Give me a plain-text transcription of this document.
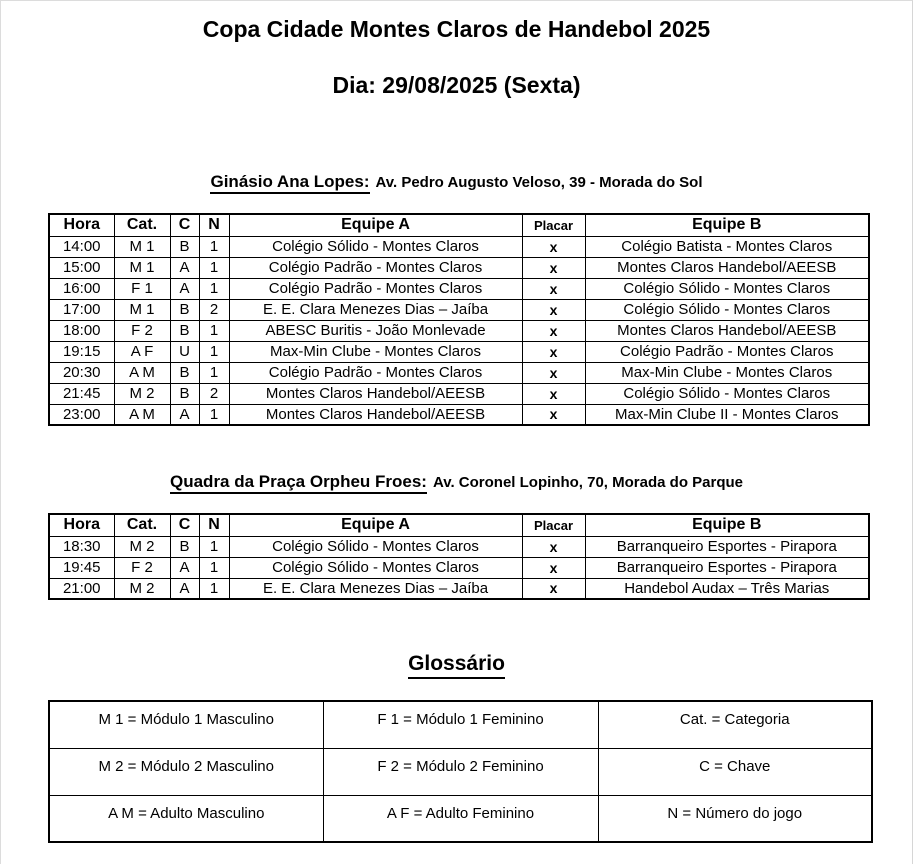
Copa Cidade Montes Claros de Handebol 2025
Dia: 29/08/2025 (Sexta)
Ginásio Ana Lopes: Av. Pedro Augusto Veloso, 39 - Morada do Sol
Hora	Cat.	C	N	Equipe A	Placar	Equipe B
14:00	M 1	B	1	Colégio Sólido - Montes Claros	x	Colégio Batista - Montes Claros
15:00	M 1	A	1	Colégio Padrão - Montes Claros	x	Montes Claros Handebol/AEESB
16:00	F 1	A	1	Colégio Padrão - Montes Claros	x	Colégio Sólido - Montes Claros
17:00	M 1	B	2	E. E. Clara Menezes Dias – Jaíba	x	Colégio Sólido - Montes Claros
18:00	F 2	B	1	ABESC Buritis - João Monlevade	x	Montes Claros Handebol/AEESB
19:15	A F	U	1	Max-Min Clube - Montes Claros	x	Colégio Padrão - Montes Claros
20:30	A M	B	1	Colégio Padrão - Montes Claros	x	Max-Min Clube - Montes Claros
21:45	M 2	B	2	Montes Claros Handebol/AEESB	x	Colégio Sólido - Montes Claros
23:00	A M	A	1	Montes Claros Handebol/AEESB	x	Max-Min Clube II - Montes Claros
Quadra da Praça Orpheu Froes: Av. Coronel Lopinho, 70, Morada do Parque
Hora	Cat.	C	N	Equipe A	Placar	Equipe B
18:30	M 2	B	1	Colégio Sólido - Montes Claros	x	Barranqueiro Esportes - Pirapora
19:45	F 2	A	1	Colégio Sólido - Montes Claros	x	Barranqueiro Esportes - Pirapora
21:00	M 2	A	1	E. E. Clara Menezes Dias – Jaíba	x	Handebol Audax – Três Marias
Glossário
M 1 = Módulo 1 Masculino	F 1 = Módulo 1 Feminino	Cat. = Categoria
M 2 = Módulo 2 Masculino	F 2 = Módulo 2 Feminino	C = Chave
A M = Adulto Masculino	A F = Adulto Feminino	N = Número do jogo
